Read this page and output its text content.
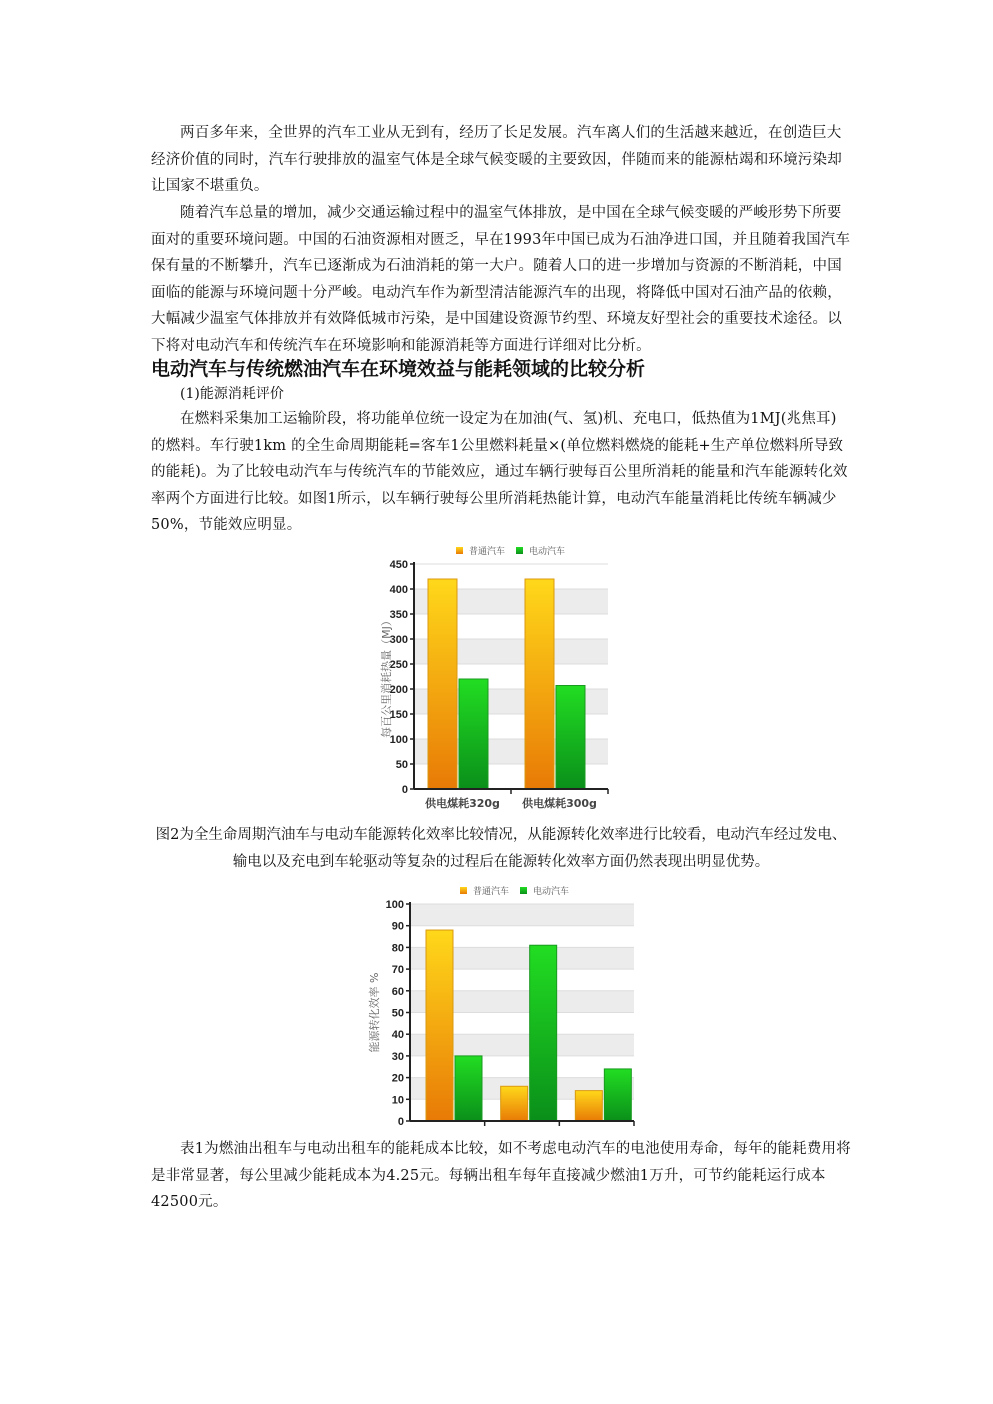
两百多年来，全世界的汽车工业从无到有，经历了长足发展。汽车离人们的生活越来越近，在创造巨大经济价值的同时，汽车行驶排放的温室气体是全球气候变暖的主要致因，伴随而来的能源枯竭和环境污染却让国家不堪重负。
随着汽车总量的增加，减少交通运输过程中的温室气体排放，是中国在全球气候变暖的严峻形势下所要面对的重要环境问题。中国的石油资源相对匮乏，早在1993年中国已成为石油净进口国，并且随着我国汽车保有量的不断攀升，汽车已逐渐成为石油消耗的第一大户。随着人口的进一步增加与资源的不断消耗，中国面临的能源与环境问题十分严峻。电动汽车作为新型清洁能源汽车的出现，将降低中国对石油产品的依赖，大幅减少温室气体排放并有效降低城市污染，是中国建设资源节约型、环境友好型社会的重要技术途径。以下将对电动汽车和传统汽车在环境影响和能源消耗等方面进行详细对比分析。
电动汽车与传统燃油汽车在环境效益与能耗领域的比较分析
(1)能源消耗评价
在燃料采集加工运输阶段，将功能单位统一设定为在加油(气、氢)机、充电口，低热值为1MJ(兆焦耳)的燃料。车行驶1km 的全生命周期能耗=客车1公里燃料耗量×(单位燃料燃烧的能耗+生产单位燃料所导致的能耗)。为了比较电动汽车与传统汽车的节能效应，通过车辆行驶每百公里所消耗的能量和汽车能源转化效率两个方面进行比较。如图1所示，以车辆行驶每公里所消耗热能计算，电动汽车能量消耗比传统车辆减少50%，节能效应明显。
普通汽车	电动汽车
0
50
100
150
200
250
300
350
400
450
供电煤耗320g 供电煤耗300g
每百公里消耗热量（MJ）
图2为全生命周期汽油车与电动车能源转化效率比较情况，从能源转化效率进行比较看，电动汽车经过发电、输电以及充电到车轮驱动等复杂的过程后在能源转化效率方面仍然表现出明显优势。
普通汽车	电动汽车
0
10
20
30
40
50
60
70
80
90
100
能源转化效率 %
表1为燃油出租车与电动出租车的能耗成本比较，如不考虑电动汽车的电池使用寿命，每年的能耗费用将是非常显著，每公里减少能耗成本为4.25元。每辆出租车每年直接减少燃油1万升，可节约能耗运行成本42500元。
